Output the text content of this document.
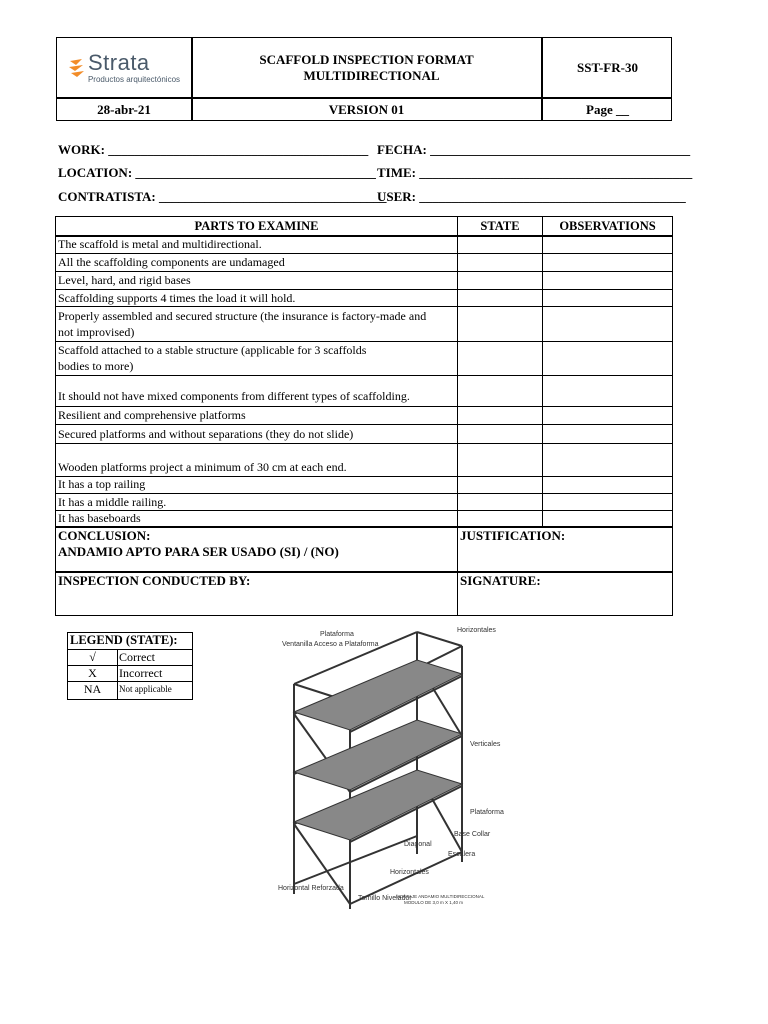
Strata
Productos arquitectónicos
SCAFFOLD INSPECTION FORMAT
MULTIDIRECTIONAL
SST-FR-30
28-abr-21	VERSION 01	Page __
WORK: ________________________________________ FECHA: ________________________________________
LOCATION: _____________________________________ TIME: __________________________________________
CONTRATISTA: ___________________________________
USER: _________________________________________
PARTS TO EXAMINE	STATE	OBSERVATIONS
The scaffold is metal and multidirectional.
All the scaffolding components are undamaged
Level, hard, and rigid bases
Scaffolding supports 4 times the load it will hold.
Properly assembled and secured structure (the insurance is factory-made and
not improvised)
Scaffold attached to a stable structure (applicable for 3 scaffolds
bodies to more)
It should not have mixed components from different types of scaffolding.
Resilient and comprehensive platforms
Secured platforms and without separations (they do not slide)
Wooden platforms project a minimum of 30 cm at each end.
It has a top railing
It has a middle railing.
It has baseboards
CONCLUSION:
ANDAMIO APTO PARA SER USADO (SI) / (NO)
JUSTIFICATION:
INSPECTION CONDUCTED BY:	SIGNATURE:
LEGEND (STATE):
√	Correct
X	Incorrect
NA	Not applicable
Plataforma
Ventanilla Acceso a Plataforma
Horizontales
Verticales
Plataforma
Base Collar
Diagonal
Escalera
Horizontales
Horizontal Reforzada
Tornillo Nivelador
MONTAJE ANDAMIO MULTIDIRECCIONAL
MODULO DE 3,0 m X 1,40 m
